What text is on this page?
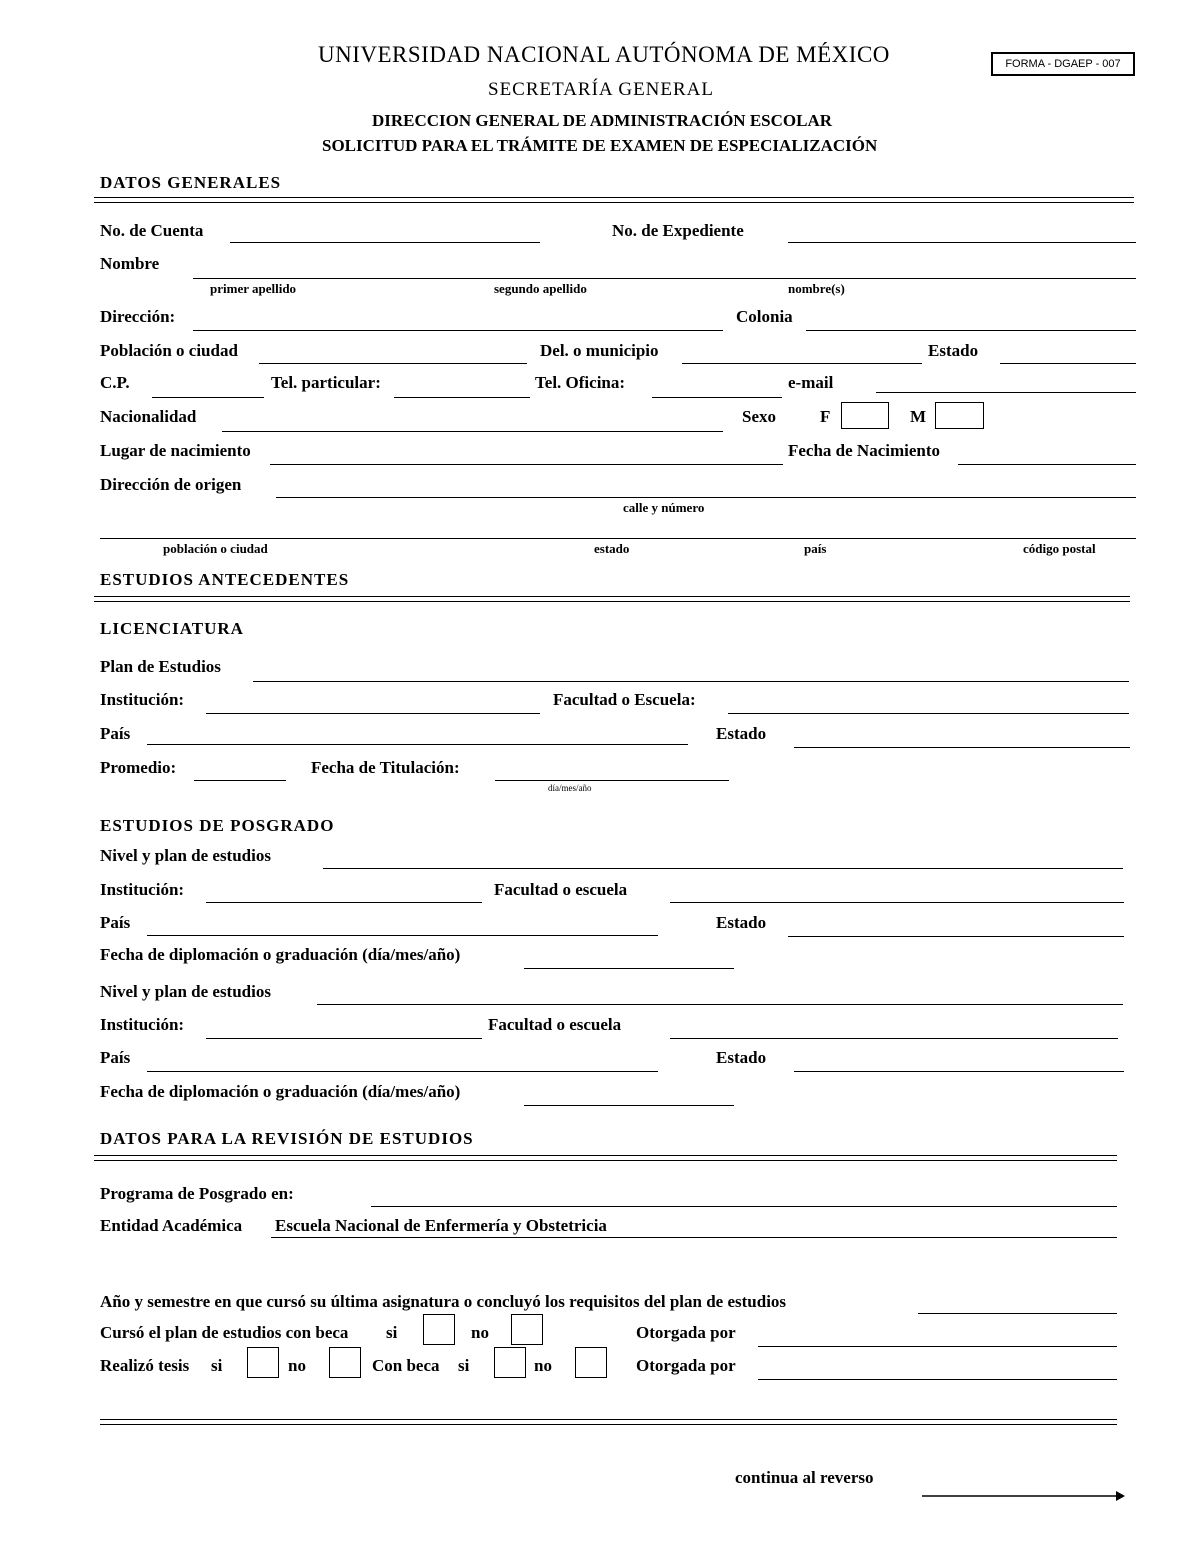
UNIVERSIDAD NACIONAL AUTÓNOMA DE MÉXICO	FORMA - DGAEP - 007
SECRETARÍA GENERAL
DIRECCION GENERAL DE ADMINISTRACIÓN ESCOLAR
SOLICITUD PARA EL TRÁMITE DE EXAMEN DE ESPECIALIZACIÓN
DATOS GENERALES
No. de Cuenta	No. de Expediente
Nombre
primer apellido	segundo apellido	nombre(s)
Dirección:	Colonia
Población o ciudad	Del. o municipio	Estado
C.P.	Tel. particular:	Tel. Oficina:	e-mail
Nacionalidad	Sexo	F	M
Lugar de nacimiento	Fecha de Nacimiento
Dirección de origen
calle y número
población o ciudad	estado	país	código postal
ESTUDIOS ANTECEDENTES
LICENCIATURA
Plan de Estudios
Institución:	Facultad o Escuela:
País	Estado
Promedio:	Fecha de Titulación:
día/mes/año
ESTUDIOS DE POSGRADO
Nivel y plan de estudios
Institución:	Facultad o escuela
País	Estado
Fecha de diplomación o graduación (día/mes/año)
Nivel y plan de estudios
Institución:	Facultad o escuela
País	Estado
Fecha de diplomación o graduación (día/mes/año)
DATOS PARA LA REVISIÓN DE ESTUDIOS
Programa de Posgrado en:
Entidad Académica Escuela Nacional de Enfermería y Obstetricia
Año y semestre en que cursó su última asignatura o concluyó los requisitos del plan de estudios
Cursó el plan de estudios con beca si	no	Otorgada por
Realizó tesis si	no	Con beca si	no	Otorgada por
continua al reverso
